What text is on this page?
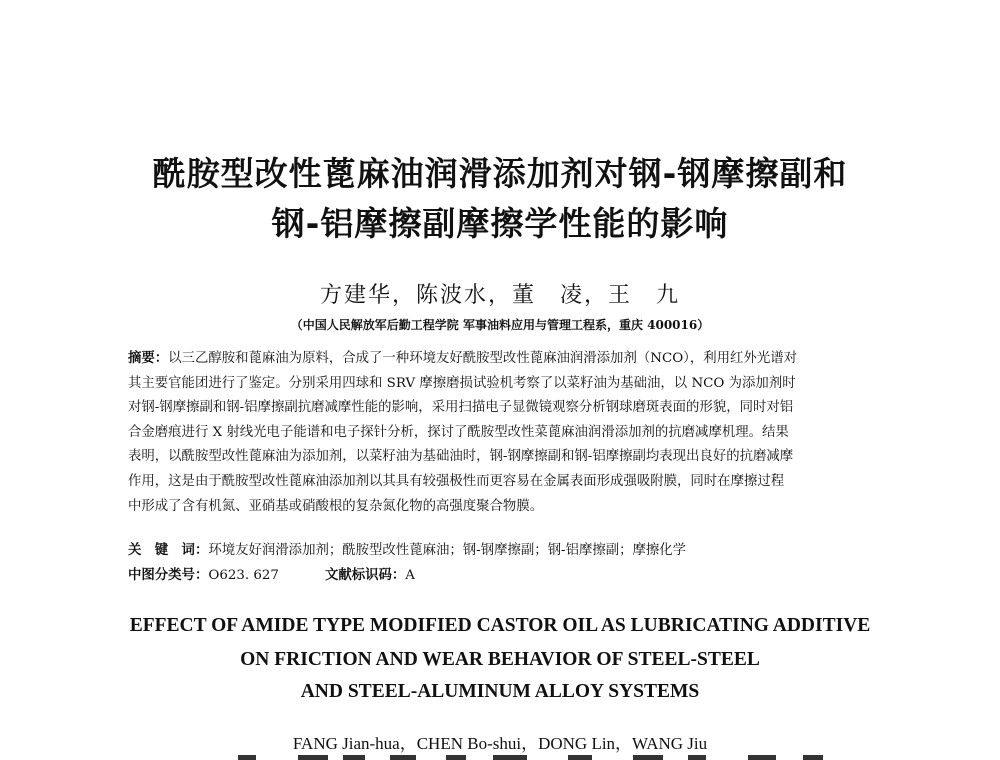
酰胺型改性蓖麻油润滑添加剂对钢-钢摩擦副和
钢-铝摩擦副摩擦学性能的影响

方建华，陈波水，董　凌，王　九

（中国人民解放军后勤工程学院 军事油料应用与管理工程系，重庆 400016）

摘要：以三乙醇胺和蓖麻油为原料，合成了一种环境友好酰胺型改性蓖麻油润滑添加剂（NCO），利用红外光谱对
其主要官能团进行了鉴定。分别采用四球和 SRV 摩擦磨损试验机考察了以菜籽油为基础油，以 NCO 为添加剂时
对钢-钢摩擦副和钢-铝摩擦副抗磨减摩性能的影响，采用扫描电子显微镜观察分析钢球磨斑表面的形貌，同时对铝
合金磨痕进行 X 射线光电子能谱和电子探针分析，探讨了酰胺型改性菜蓖麻油润滑添加剂的抗磨减摩机理。结果
表明，以酰胺型改性蓖麻油为添加剂，以菜籽油为基础油时，钢-钢摩擦副和钢-铝摩擦副均表现出良好的抗磨减摩
作用，这是由于酰胺型改性蓖麻油添加剂以其具有较强极性而更容易在金属表面形成强吸附膜，同时在摩擦过程
中形成了含有机氮、亚硝基或硝酸根的复杂氮化物的高强度聚合物膜。

关　键　词：环境友好润滑添加剂；酰胺型改性蓖麻油；钢-钢摩擦副；钢-铝摩擦副；摩擦化学

中图分类号：O623. 627	文献标识码：A

EFFECT OF AMIDE TYPE MODIFIED CASTOR OIL AS LUBRICATING ADDITIVE
ON FRICTION AND WEAR BEHAVIOR OF STEEL-STEEL
AND STEEL-ALUMINUM ALLOY SYSTEMS

FANG Jian-hua，CHEN Bo-shui，DONG Lin，WANG Jiu
